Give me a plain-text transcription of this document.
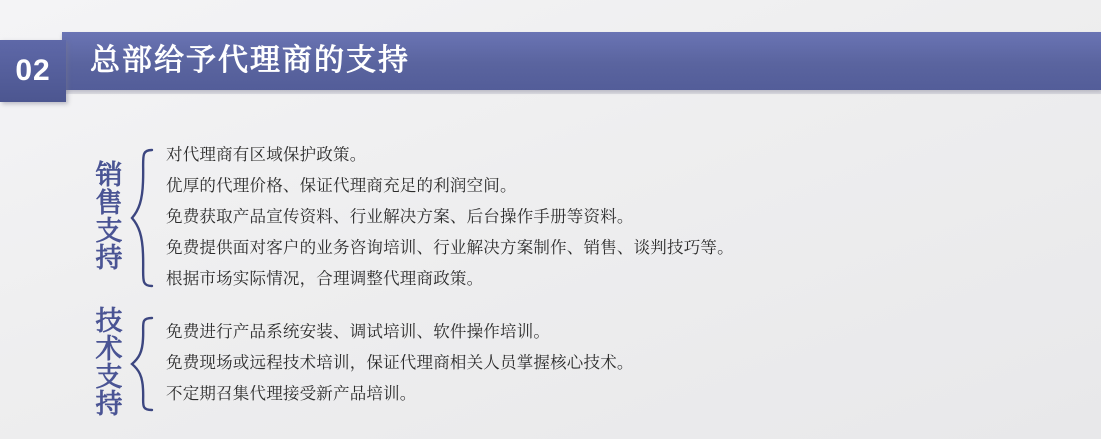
总部给予代理商的支持
02
销
售
支
持
对代理商有区域保护政策。
优厚的代理价格、保证代理商充足的利润空间。
免费获取产品宣传资料、行业解决方案、后台操作手册等资料。
免费提供面对客户的业务咨询培训、行业解决方案制作、销售、谈判技巧等。
根据市场实际情况，合理调整代理商政策。
技
术
支
持
免费进行产品系统安装、调试培训、软件操作培训。
免费现场或远程技术培训，保证代理商相关人员掌握核心技术。
不定期召集代理接受新产品培训。
